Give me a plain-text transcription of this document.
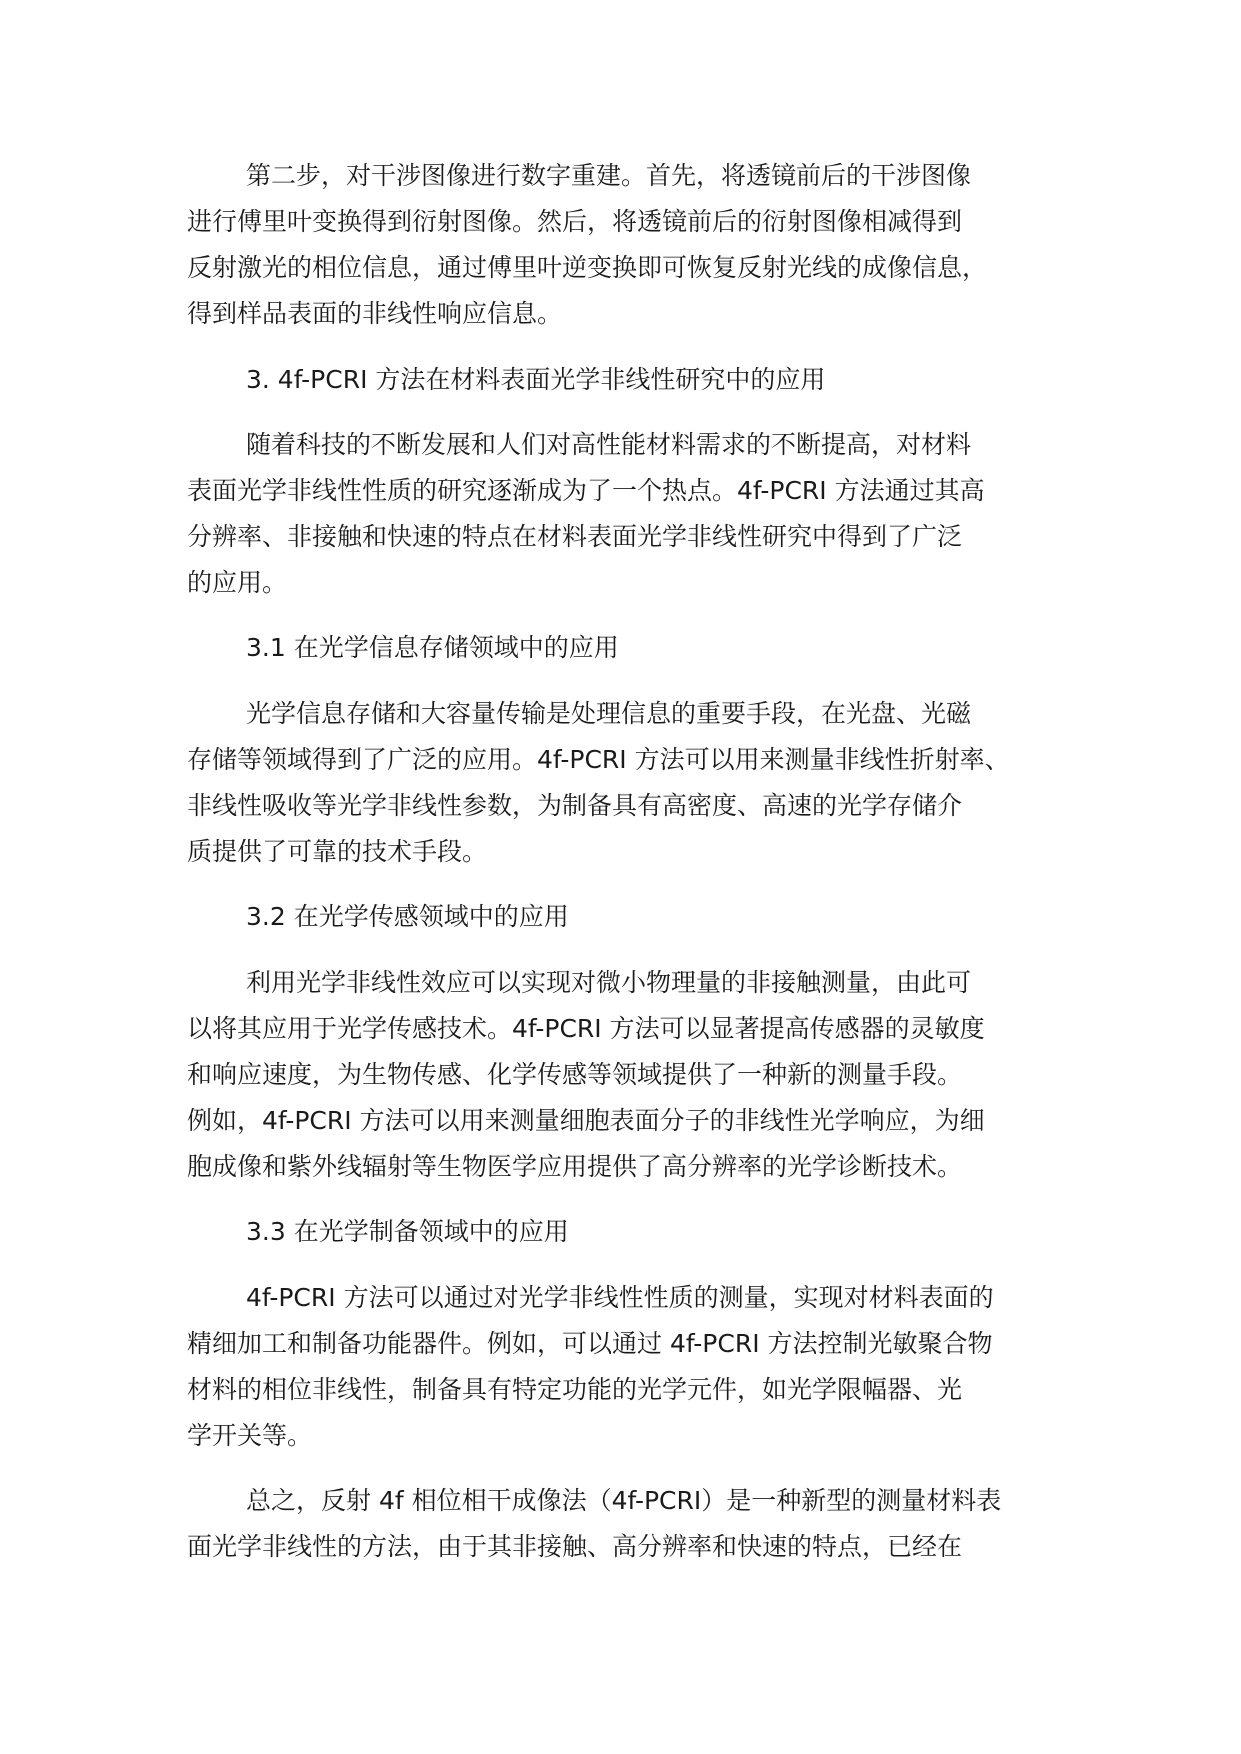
第二步，对干涉图像进行数字重建。首先，将透镜前后的干涉图像

进行傅里叶变换得到衍射图像。然后，将透镜前后的衍射图像相减得到

反射激光的相位信息，通过傅里叶逆变换即可恢复反射光线的成像信息，

得到样品表面的非线性响应信息。

3. 4f-PCRI 方法在材料表面光学非线性研究中的应用

随着科技的不断发展和人们对高性能材料需求的不断提高，对材料

表面光学非线性性质的研究逐渐成为了一个热点。4f-PCRI 方法通过其高

分辨率、非接触和快速的特点在材料表面光学非线性研究中得到了广泛

的应用。

3.1 在光学信息存储领域中的应用

光学信息存储和大容量传输是处理信息的重要手段，在光盘、光磁

存储等领域得到了广泛的应用。4f-PCRI 方法可以用来测量非线性折射率、

非线性吸收等光学非线性参数，为制备具有高密度、高速的光学存储介

质提供了可靠的技术手段。

3.2 在光学传感领域中的应用

利用光学非线性效应可以实现对微小物理量的非接触测量，由此可

以将其应用于光学传感技术。4f-PCRI 方法可以显著提高传感器的灵敏度

和响应速度，为生物传感、化学传感等领域提供了一种新的测量手段。

例如，4f-PCRI 方法可以用来测量细胞表面分子的非线性光学响应，为细

胞成像和紫外线辐射等生物医学应用提供了高分辨率的光学诊断技术。

3.3 在光学制备领域中的应用

4f-PCRI 方法可以通过对光学非线性性质的测量，实现对材料表面的

精细加工和制备功能器件。例如，可以通过 4f-PCRI 方法控制光敏聚合物

材料的相位非线性，制备具有特定功能的光学元件，如光学限幅器、光

学开关等。

总之，反射 4f 相位相干成像法（4f-PCRI）是一种新型的测量材料表

面光学非线性的方法，由于其非接触、高分辨率和快速的特点，已经在
